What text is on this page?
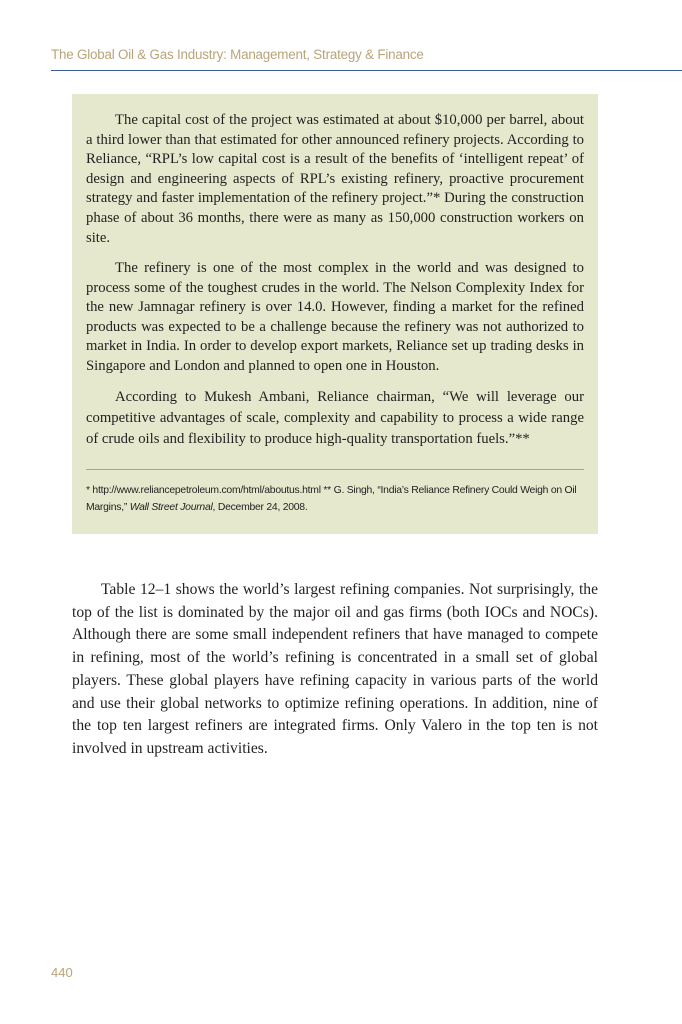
The Global Oil & Gas Industry: Management, Strategy & Finance

The capital cost of the project was estimated at about $10,000 per barrel, about a third lower than that estimated for other announced refinery projects. According to Reliance, “RPL’s low capital cost is a result of the benefits of ‘intelligent repeat’ of design and engineering aspects of RPL’s existing refinery, proactive procurement strategy and faster implementation of the refinery project.”* During the construction phase of about 36 months, there were as many as 150,000 construction workers on site.

The refinery is one of the most complex in the world and was designed to process some of the toughest crudes in the world. The Nelson Complexity Index for the new Jamnagar refinery is over 14.0. However, finding a market for the refined products was expected to be a challenge because the refinery was not authorized to market in India. In order to develop export markets, Reliance set up trading desks in Singapore and London and planned to open one in Houston.

According to Mukesh Ambani, Reliance chairman, “We will leverage our competitive advantages of scale, complexity and capability to process a wide range of crude oils and flexibility to produce high-quality transportation fuels.”**

* http://www.reliancepetroleum.com/html/aboutus.html ** G. Singh, “India’s Reliance Refinery Could Weigh on Oil Margins,” Wall Street Journal, December 24, 2008.

Table 12–1 shows the world’s largest refining companies. Not surprisingly, the top of the list is dominated by the major oil and gas firms (both IOCs and NOCs). Although there are some small independent refiners that have managed to compete in refining, most of the world’s refining is concentrated in a small set of global players. These global players have refining capacity in various parts of the world and use their global networks to optimize refining operations. In addition, nine of the top ten largest refiners are integrated firms. Only Valero in the top ten is not involved in upstream activities.

440
